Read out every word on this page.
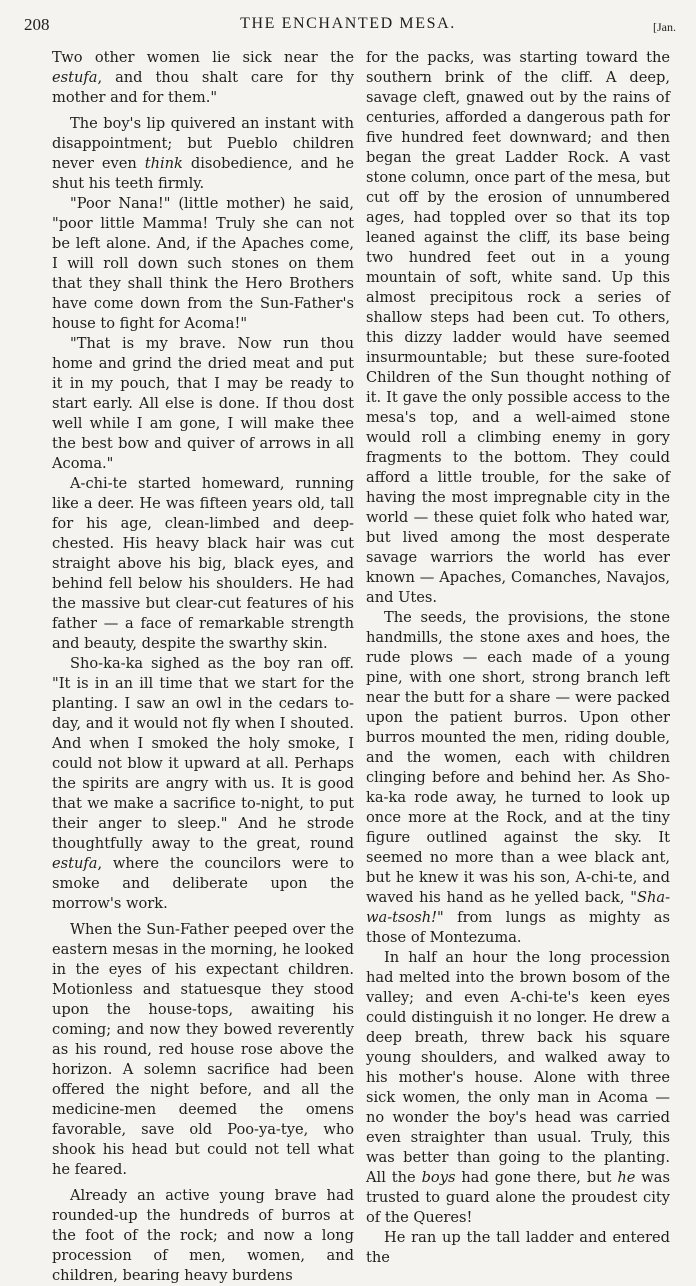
208	THE ENCHANTED MESA.	[Jan.

Two other women lie sick near the estufa, and thou shalt care for thy mother and for them."

The boy's lip quivered an instant with disappointment; but Pueblo children never even think disobedience, and he shut his teeth firmly.

"Poor Nana!" (little mother) he said, "poor little Mamma! Truly she can not be left alone. And, if the Apaches come, I will roll down such stones on them that they shall think the Hero Brothers have come down from the Sun-Father's house to fight for Acoma!"

"That is my brave. Now run thou home and grind the dried meat and put it in my pouch, that I may be ready to start early. All else is done. If thou dost well while I am gone, I will make thee the best bow and quiver of arrows in all Acoma."

A-chi-te started homeward, running like a deer. He was fifteen years old, tall for his age, clean-limbed and deep-chested. His heavy black hair was cut straight above his big, black eyes, and behind fell below his shoulders. He had the massive but clear-cut features of his father — a face of remarkable strength and beauty, despite the swarthy skin.

Sho-ka-ka sighed as the boy ran off. "It is in an ill time that we start for the planting. I saw an owl in the cedars to-day, and it would not fly when I shouted. And when I smoked the holy smoke, I could not blow it upward at all. Perhaps the spirits are angry with us. It is good that we make a sacrifice to-night, to put their anger to sleep." And he strode thoughtfully away to the great, round estufa, where the councilors were to smoke and deliberate upon the morrow's work.

When the Sun-Father peeped over the eastern mesas in the morning, he looked in the eyes of his expectant children. Motionless and statuesque they stood upon the house-tops, awaiting his coming; and now they bowed reverently as his round, red house rose above the horizon. A solemn sacrifice had been offered the night before, and all the medicine-men deemed the omens favorable, save old Poo-ya-tye, who shook his head but could not tell what he feared.

Already an active young brave had rounded-up the hundreds of burros at the foot of the rock; and now a long procession of men, women, and children, bearing heavy burdens

for the packs, was starting toward the southern brink of the cliff. A deep, savage cleft, gnawed out by the rains of centuries, afforded a dangerous path for five hundred feet downward; and then began the great Ladder Rock. A vast stone column, once part of the mesa, but cut off by the erosion of unnumbered ages, had toppled over so that its top leaned against the cliff, its base being two hundred feet out in a young mountain of soft, white sand. Up this almost precipitous rock a series of shallow steps had been cut. To others, this dizzy ladder would have seemed insurmountable; but these sure-footed Children of the Sun thought nothing of it. It gave the only possible access to the mesa's top, and a well-aimed stone would roll a climbing enemy in gory fragments to the bottom. They could afford a little trouble, for the sake of having the most impregnable city in the world — these quiet folk who hated war, but lived among the most desperate savage warriors the world has ever known — Apaches, Comanches, Navajos, and Utes.

The seeds, the provisions, the stone handmills, the stone axes and hoes, the rude plows — each made of a young pine, with one short, strong branch left near the butt for a share — were packed upon the patient burros. Upon other burros mounted the men, riding double, and the women, each with children clinging before and behind her. As Sho-ka-ka rode away, he turned to look up once more at the Rock, and at the tiny figure outlined against the sky. It seemed no more than a wee black ant, but he knew it was his son, A-chi-te, and waved his hand as he yelled back, "Sha-wa-tsosh!" from lungs as mighty as those of Montezuma.

In half an hour the long procession had melted into the brown bosom of the valley; and even A-chi-te's keen eyes could distinguish it no longer. He drew a deep breath, threw back his square young shoulders, and walked away to his mother's house. Alone with three sick women, the only man in Acoma — no wonder the boy's head was carried even straighter than usual. Truly, this was better than going to the planting. All the boys had gone there, but he was trusted to guard alone the proudest city of the Queres!

He ran up the tall ladder and entered the
